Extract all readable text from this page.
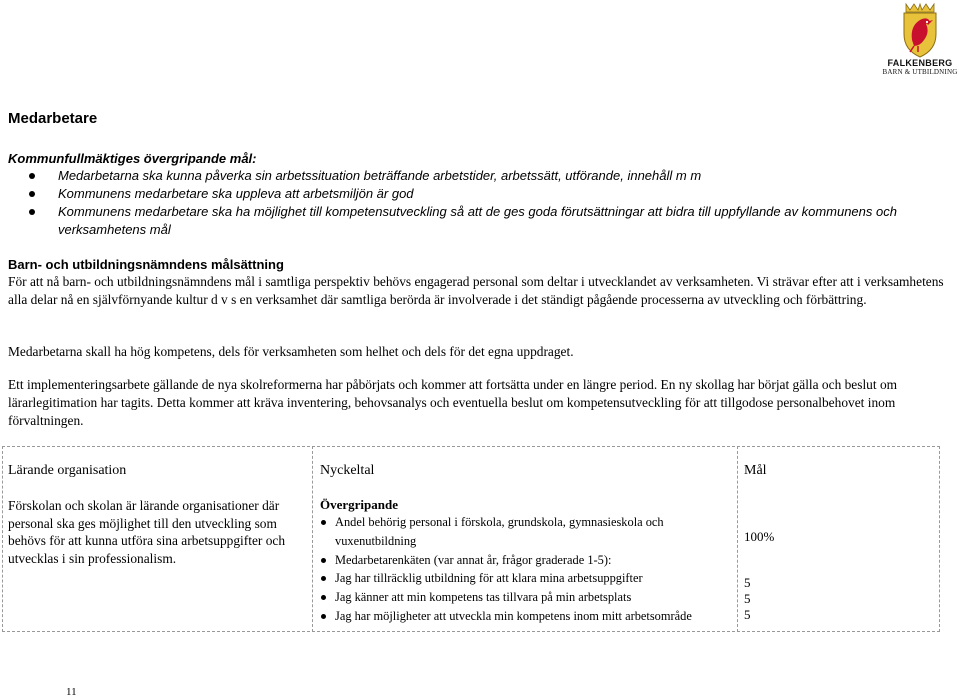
FALKENBERG
BARN & UTBILDNING
Medarbetare
Kommunfullmäktiges övergripande mål:
Medarbetarna ska kunna påverka sin arbetssituation beträffande arbetstider, arbetssätt, utförande, innehåll m m
Kommunens medarbetare ska uppleva att arbetsmiljön är god
Kommunens medarbetare ska ha möjlighet till kompetensutveckling så att de ges goda förutsättningar att bidra till uppfyllande av kommunens och verksamhetens mål
Barn- och utbildningsnämndens målsättning
För att nå barn- och utbildningsnämndens mål i samtliga perspektiv behövs engagerad personal som deltar i utvecklandet av verksamheten. Vi strävar efter att i verksamhetens alla delar nå en självförnyande kultur d v s en verksamhet där samtliga berörda är involverade i det ständigt pågående processerna av utveckling och förbättring.
Medarbetarna skall ha hög kompetens, dels för verksamheten som helhet och dels för det egna uppdraget.
Ett implementeringsarbete gällande de nya skolreformerna har påbörjats och kommer att fortsätta under en längre period. En ny skollag har börjat gälla och beslut om lärarlegitimation har tagits. Detta kommer att kräva inventering, behovsanalys och eventuella beslut om kompetensutveckling för att tillgodose personalbehovet inom förvaltningen.
Lärande organisation	Nyckeltal	Mål
Förskolan och skolan är lärande organisationer där personal ska ges möjlighet till den utveckling som behövs för att kunna utföra sina arbetsuppgifter och utvecklas i sin professionalism.
Övergripande
Andel behörig personal i förskola, grundskola, gymnasieskola och vuxenutbildning
Medarbetarenkäten (var annat år, frågor graderade 1-5):
Jag har tillräcklig utbildning för att klara mina arbetsuppgifter
Jag känner att min kompetens tas tillvara på min arbetsplats
Jag har möjligheter att utveckla min kompetens inom mitt arbetsområde
100%
5
5
5
11
